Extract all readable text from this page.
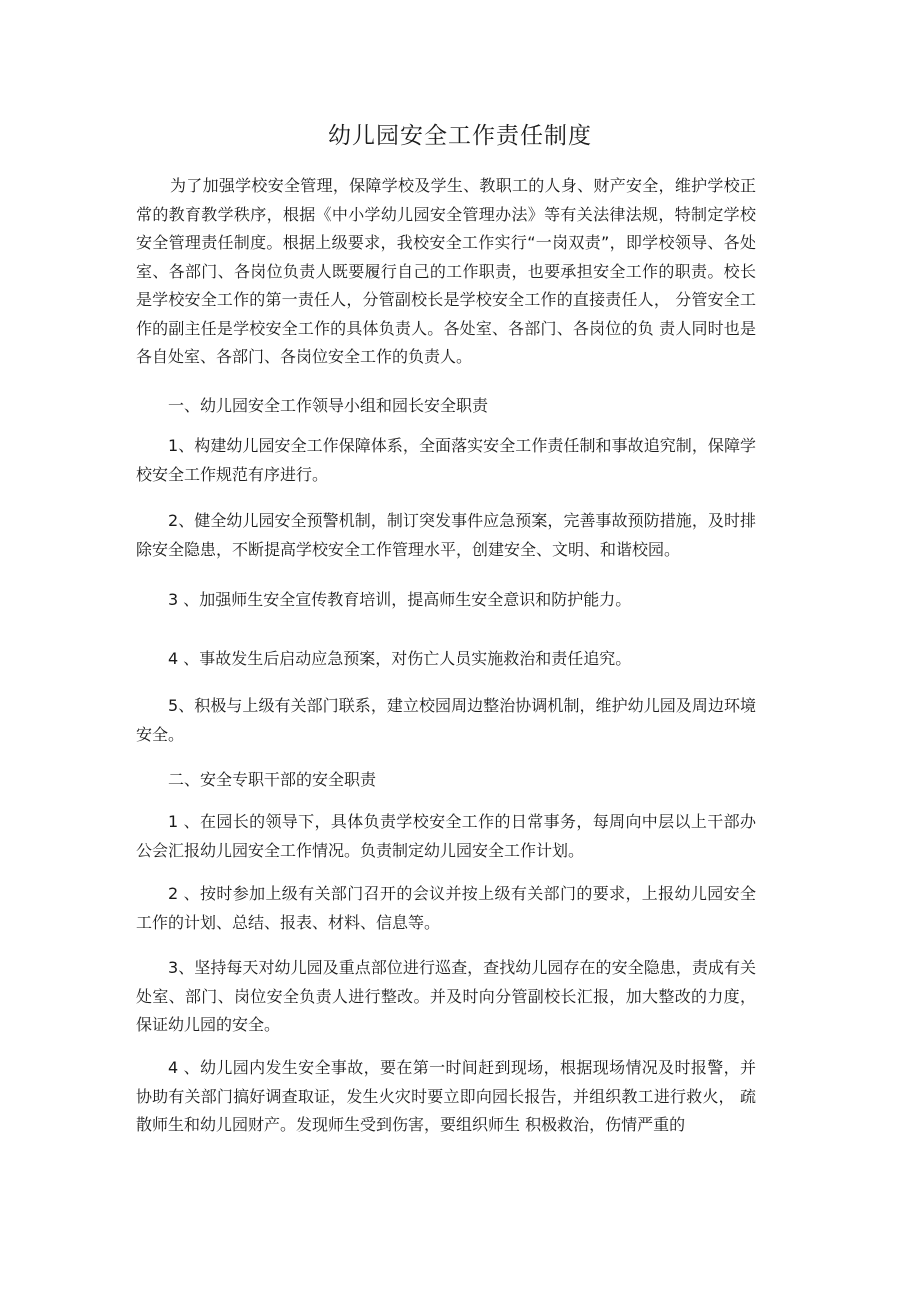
幼儿园安全工作责任制度

为了加强学校安全管理，保障学校及学生、教职工的人身、财产安全，维护学校正常的教育教学秩序，根据《中小学幼儿园安全管理办法》等有关法律法规，特制定学校安全管理责任制度。根据上级要求，我校安全工作实行“一岗双责”，即学校领导、各处室、各部门、各岗位负责人既要履行自己的工作职责，也要承担安全工作的职责。校长是学校安全工作的第一责任人，分管副校长是学校安全工作的直接责任人， 分管安全工作的副主任是学校安全工作的具体负责人。各处室、各部门、各岗位的负 责人同时也是各自处室、各部门、各岗位安全工作的负责人。

一、幼儿园安全工作领导小组和园长安全职责

1、构建幼儿园安全工作保障体系，全面落实安全工作责任制和事故追究制，保障学校安全工作规范有序进行。

2、健全幼儿园安全预警机制，制订突发事件应急预案，完善事故预防措施，及时排除安全隐患，不断提高学校安全工作管理水平，创建安全、文明、和谐校园。

3 、加强师生安全宣传教育培训，提高师生安全意识和防护能力。

4 、事故发生后启动应急预案，对伤亡人员实施救治和责任追究。

5、积极与上级有关部门联系，建立校园周边整治协调机制，维护幼儿园及周边环境安全。

二、安全专职干部的安全职责

1 、在园长的领导下，具体负责学校安全工作的日常事务，每周向中层以上干部办公会汇报幼儿园安全工作情况。负责制定幼儿园安全工作计划。

2 、按时参加上级有关部门召开的会议并按上级有关部门的要求，上报幼儿园安全工作的计划、总结、报表、材料、信息等。

3、坚持每天对幼儿园及重点部位进行巡查，查找幼儿园存在的安全隐患，责成有关处室、部门、岗位安全负责人进行整改。并及时向分管副校长汇报，加大整改的力度，保证幼儿园的安全。

4 、幼儿园内发生安全事故，要在第一时间赶到现场，根据现场情况及时报警，并协助有关部门搞好调查取证，发生火灾时要立即向园长报告，并组织教工进行救火， 疏散师生和幼儿园财产。发现师生受到伤害，要组织师生 积极救治，伤情严重的
